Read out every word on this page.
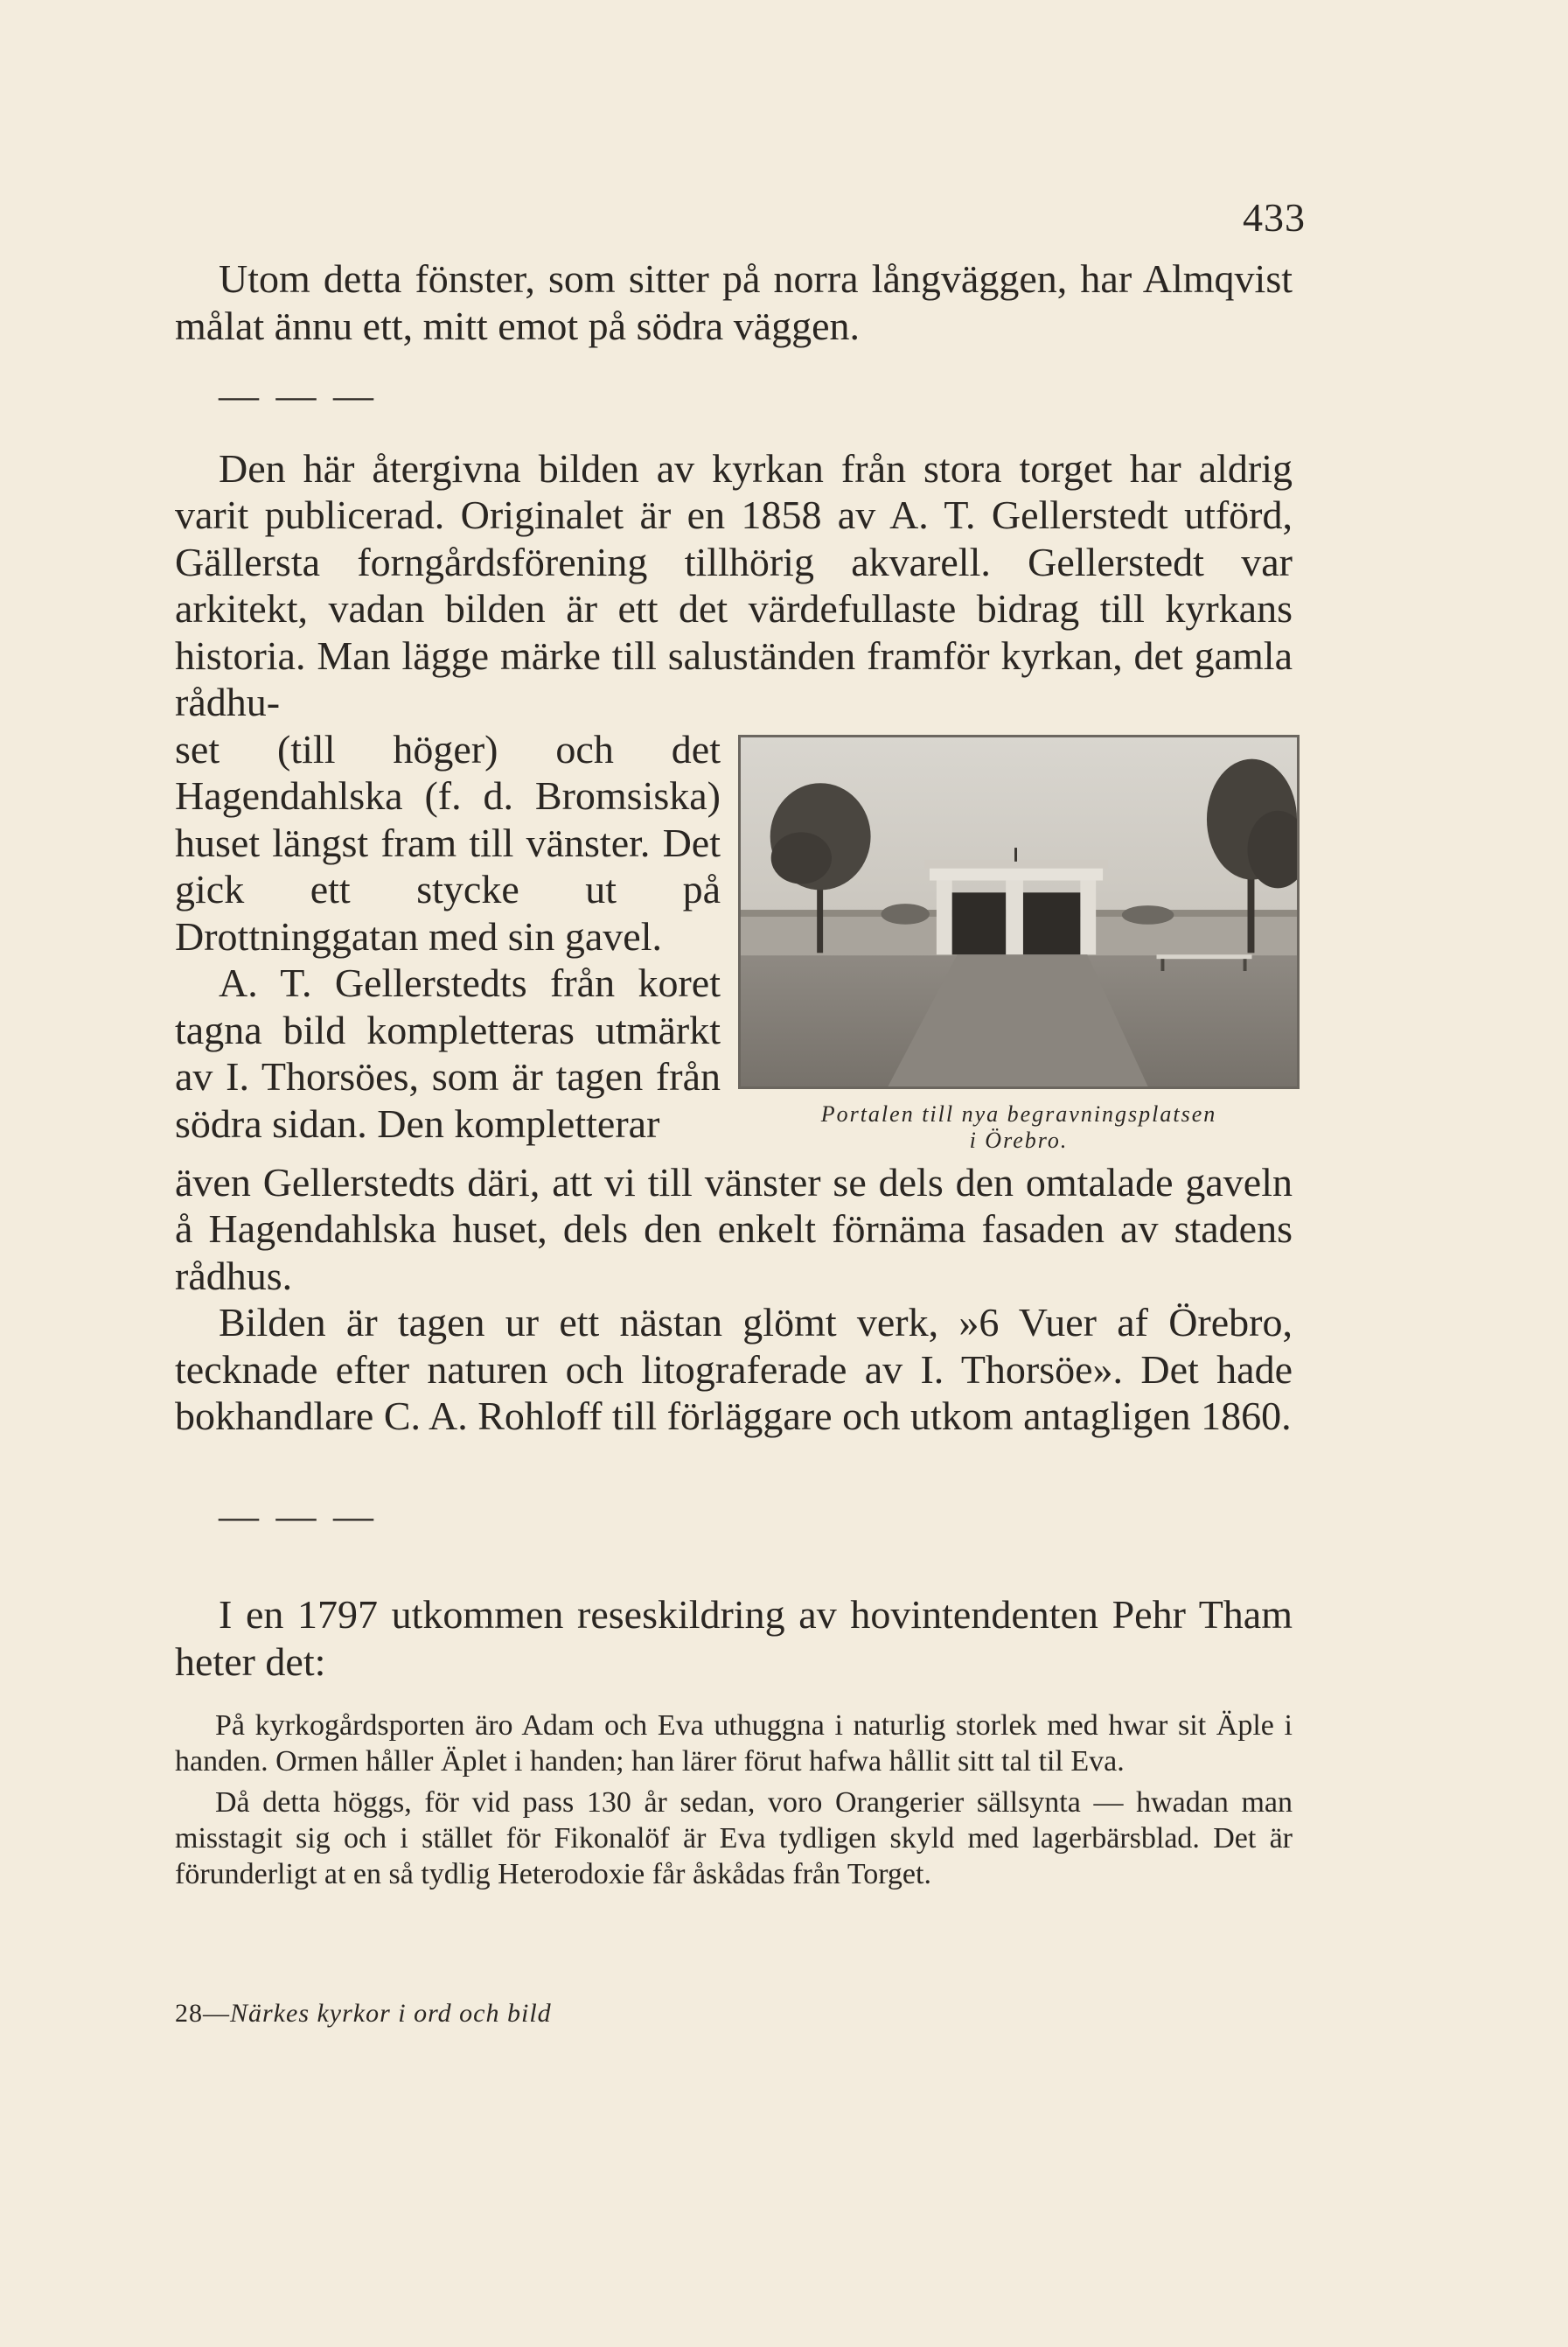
433

Utom detta fönster, som sitter på norra långväggen, har Almqvist målat ännu ett, mitt emot på södra väggen.

— — —

Den här återgivna bilden av kyrkan från stora torget har aldrig varit publicerad. Originalet är en 1858 av A. T. Gellerstedt utförd, Gällersta forngårdsförening tillhörig akvarell. Gellerstedt var arkitekt, vadan bilden är ett det värdefullaste bidrag till kyrkans historia. Man lägge märke till saluständen framför kyrkan, det gamla rådhu-

Portalen till nya begravningsplatsen
i Örebro.

set (till höger) och det Hagendahlska (f. d. Bromsiska) huset längst fram till vänster. Det gick ett stycke ut på Drottninggatan med sin gavel.

A. T. Gellerstedts från koret tagna bild kompletteras utmärkt av I. Thorsöes, som är tagen från södra sidan. Den kompletterar

även Gellerstedts däri, att vi till vänster se dels den omtalade gaveln å Hagendahlska huset, dels den enkelt förnäma fasaden av stadens rådhus.

Bilden är tagen ur ett nästan glömt verk, »6 Vuer af Örebro, tecknade efter naturen och litograferade av I. Thorsöe». Det hade bokhandlare C. A. Rohloff till förläggare och utkom antagligen 1860.

— — —

I en 1797 utkommen reseskildring av hovintendenten Pehr Tham heter det:

På kyrkogårdsporten äro Adam och Eva uthuggna i naturlig storlek med hwar sit Äple i handen. Ormen håller Äplet i handen; han lärer förut hafwa hållit sitt tal til Eva.

Då detta höggs, för vid pass 130 år sedan, voro Orangerier sällsynta — hwadan man misstagit sig och i stället för Fikonalöf är Eva tydligen skyld med lagerbärsblad. Det är förunderligt at en så tydlig Heterodoxie får åskådas från Torget.

28—Närkes kyrkor i ord och bild
